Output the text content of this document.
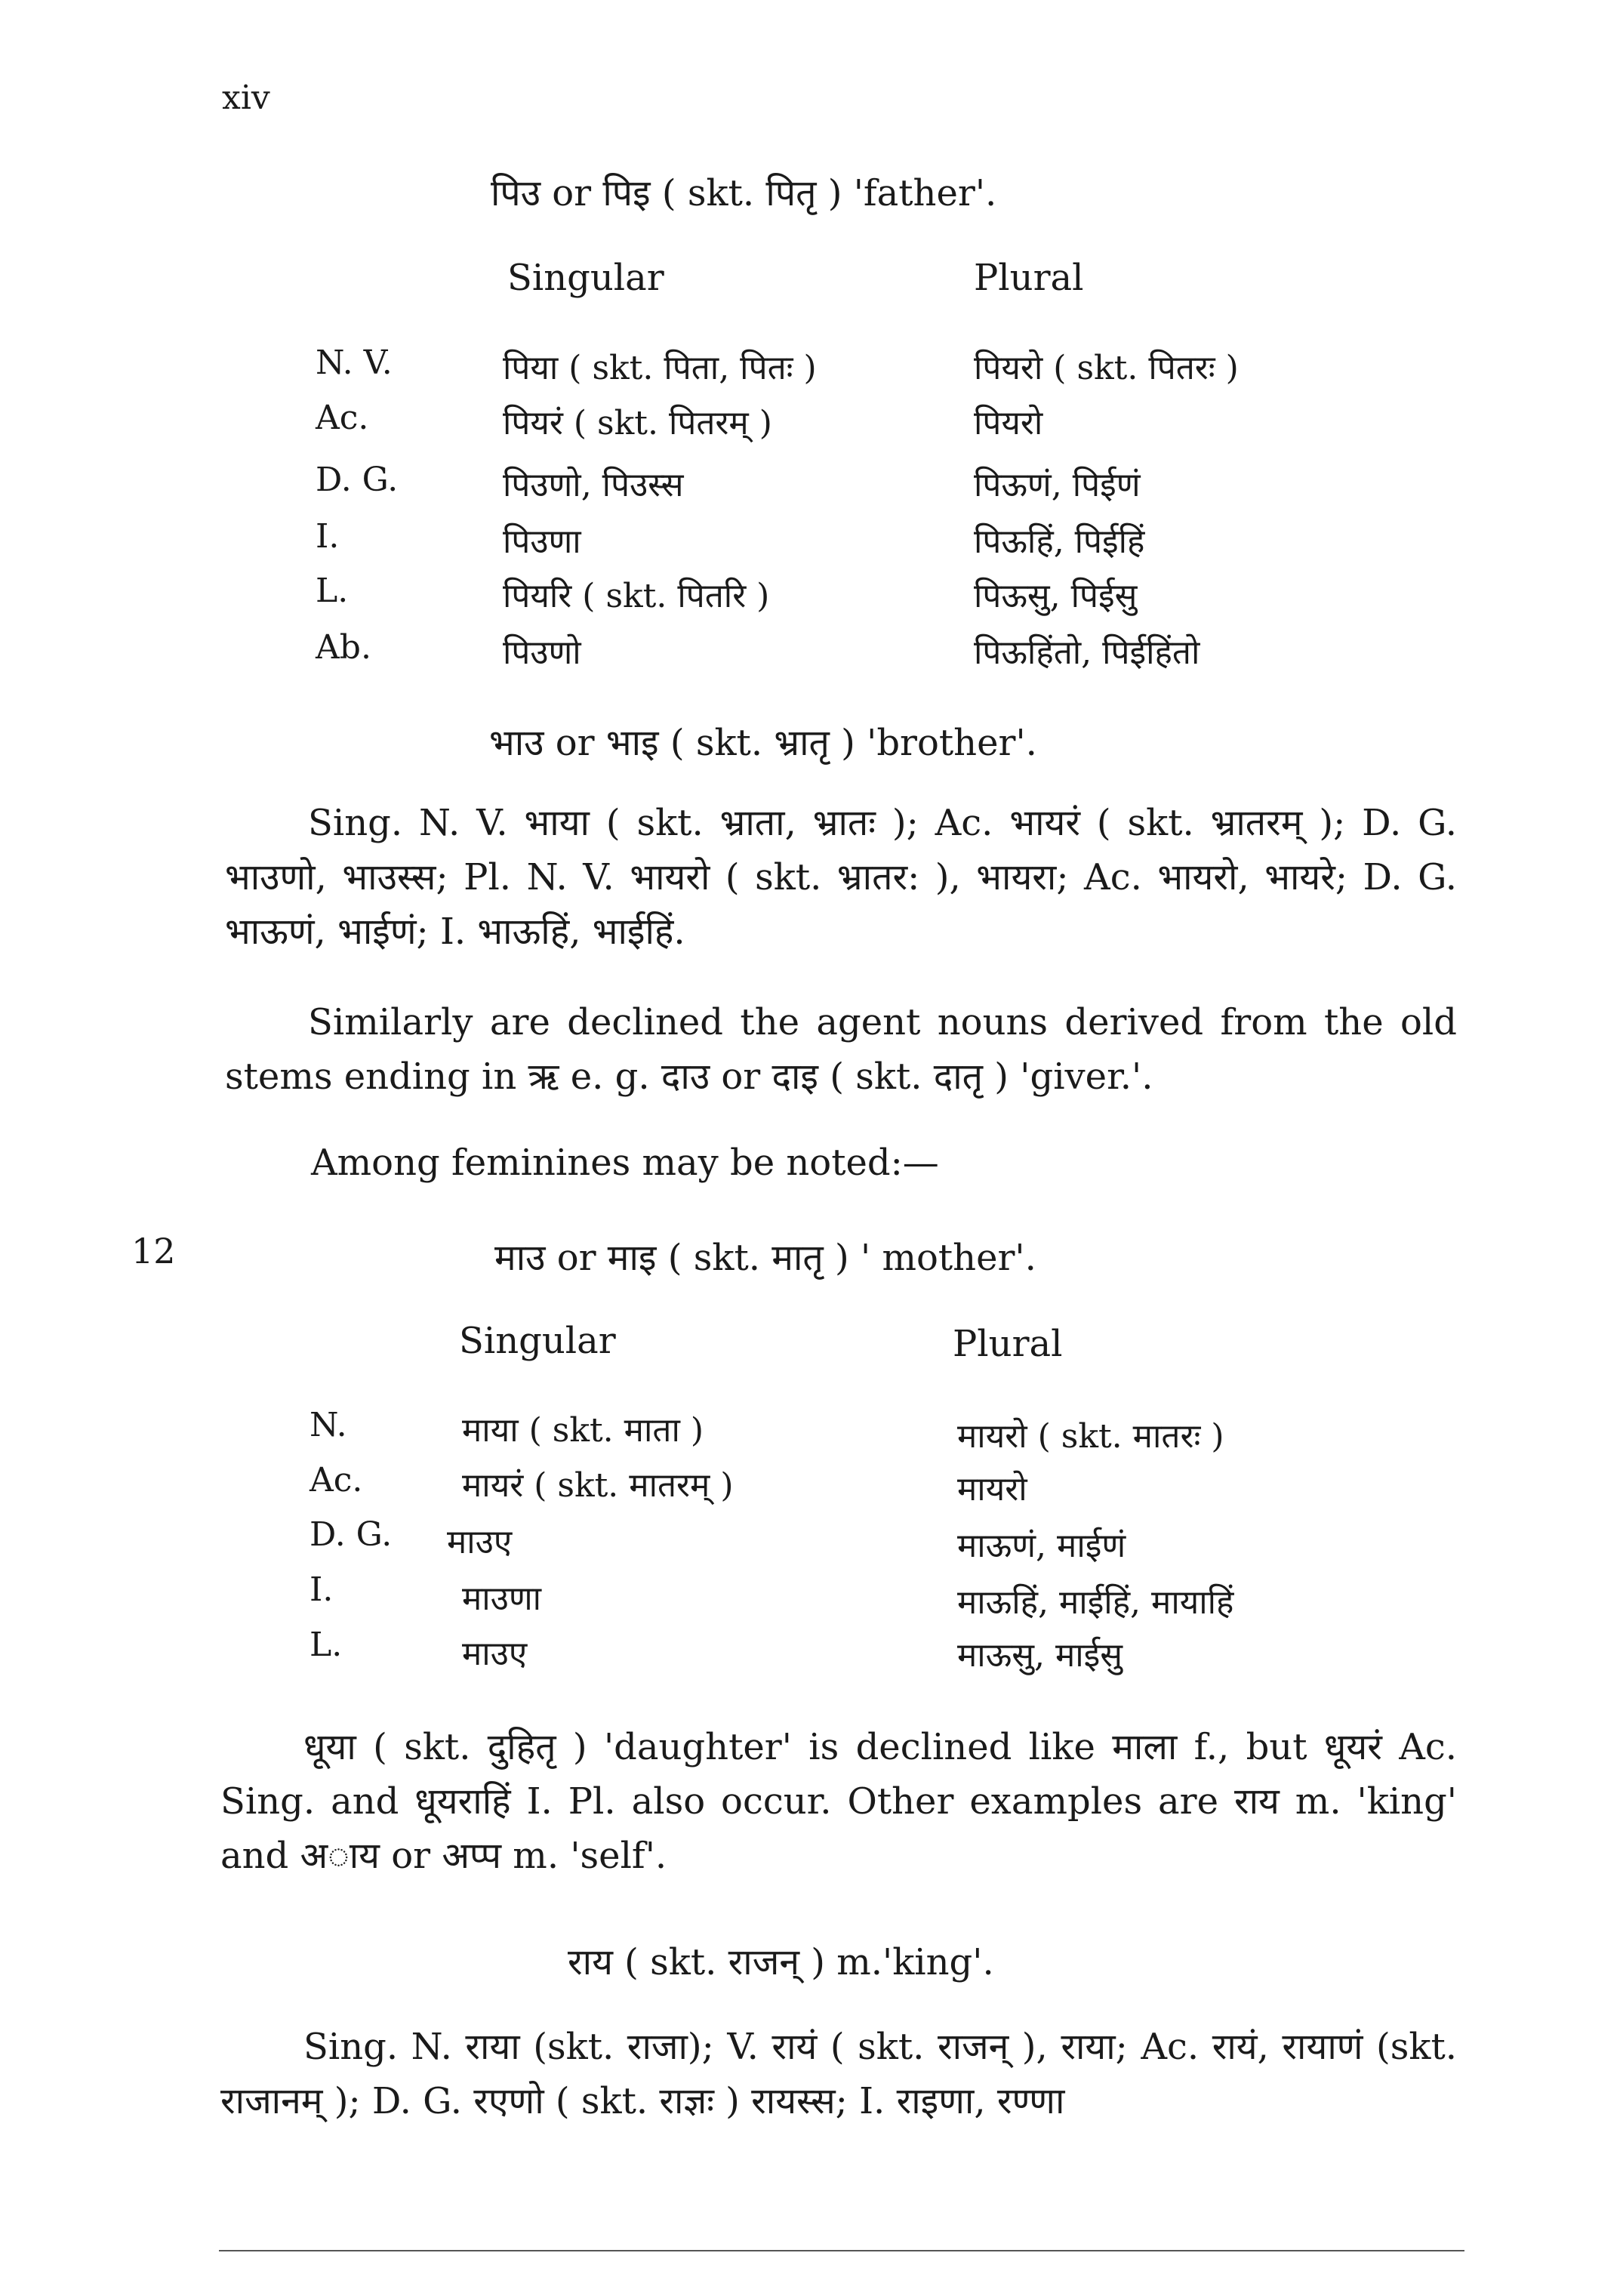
xiv
पिउ or पिइ ( skt. पितृ ) 'father'.
Singular	Plural
N. V.	पिया ( skt. पिता, पितः )	पियरो ( skt. पितरः )
Ac.	पियरं ( skt. पितरम् )	पियरो
D. G.	पिउणो, पिउस्स	पिऊणं, पिईणं
I.	पिउणा	पिऊहिं, पिईहिं
L.	पियरि ( skt. पितरि )	पिऊसु, पिईसु
Ab.	पिउणो	पिऊहिंतो, पिईहिंतो
भाउ or भाइ ( skt. भ्रातृ ) 'brother'.
Sing. N. V. भाया ( skt. भ्राता, भ्रातः ); Ac. भायरं ( skt. भ्रातरम् ); D. G. भाउणो, भाउस्स; Pl. N. V. भायरो ( skt. भ्रातर: ), भायरा; Ac. भायरो, भायरे; D. G. भाऊणं, भाईणं; I. भाऊहिं, भाईहिं.
Similarly are declined the agent nouns derived from the old stems ending in ऋ e. g. दाउ or दाइ ( skt. दातृ ) 'giver.'.
Among feminines may be noted:—
12	माउ or माइ ( skt. मातृ ) ' mother'.
Singular	Plural
N.	माया ( skt. माता )	मायरो ( skt. मातरः )
Ac.	मायरं ( skt. मातरम् )	मायरो
D. G. माउए	माऊणं, माईणं
I.	माउणा	माऊहिं, माईहिं, मायाहिं
L.	माउए	माऊसु, माईसु
धूया ( skt. दुहितृ ) 'daughter' is declined like माला f., but धूयरं Ac. Sing. and धूयराहिं I. Pl. also occur. Other examples are राय m. 'king' and अाय or अप्प m. 'self'.
राय ( skt. राजन् ) m.'king'.
Sing. N. राया (skt. राजा); V. रायं ( skt. राजन् ), राया; Ac. रायं, रायाणं (skt. राजानम् ); D. G. रएणो ( skt. राज्ञः ) रायस्स; I. राइणा, रण्णा
